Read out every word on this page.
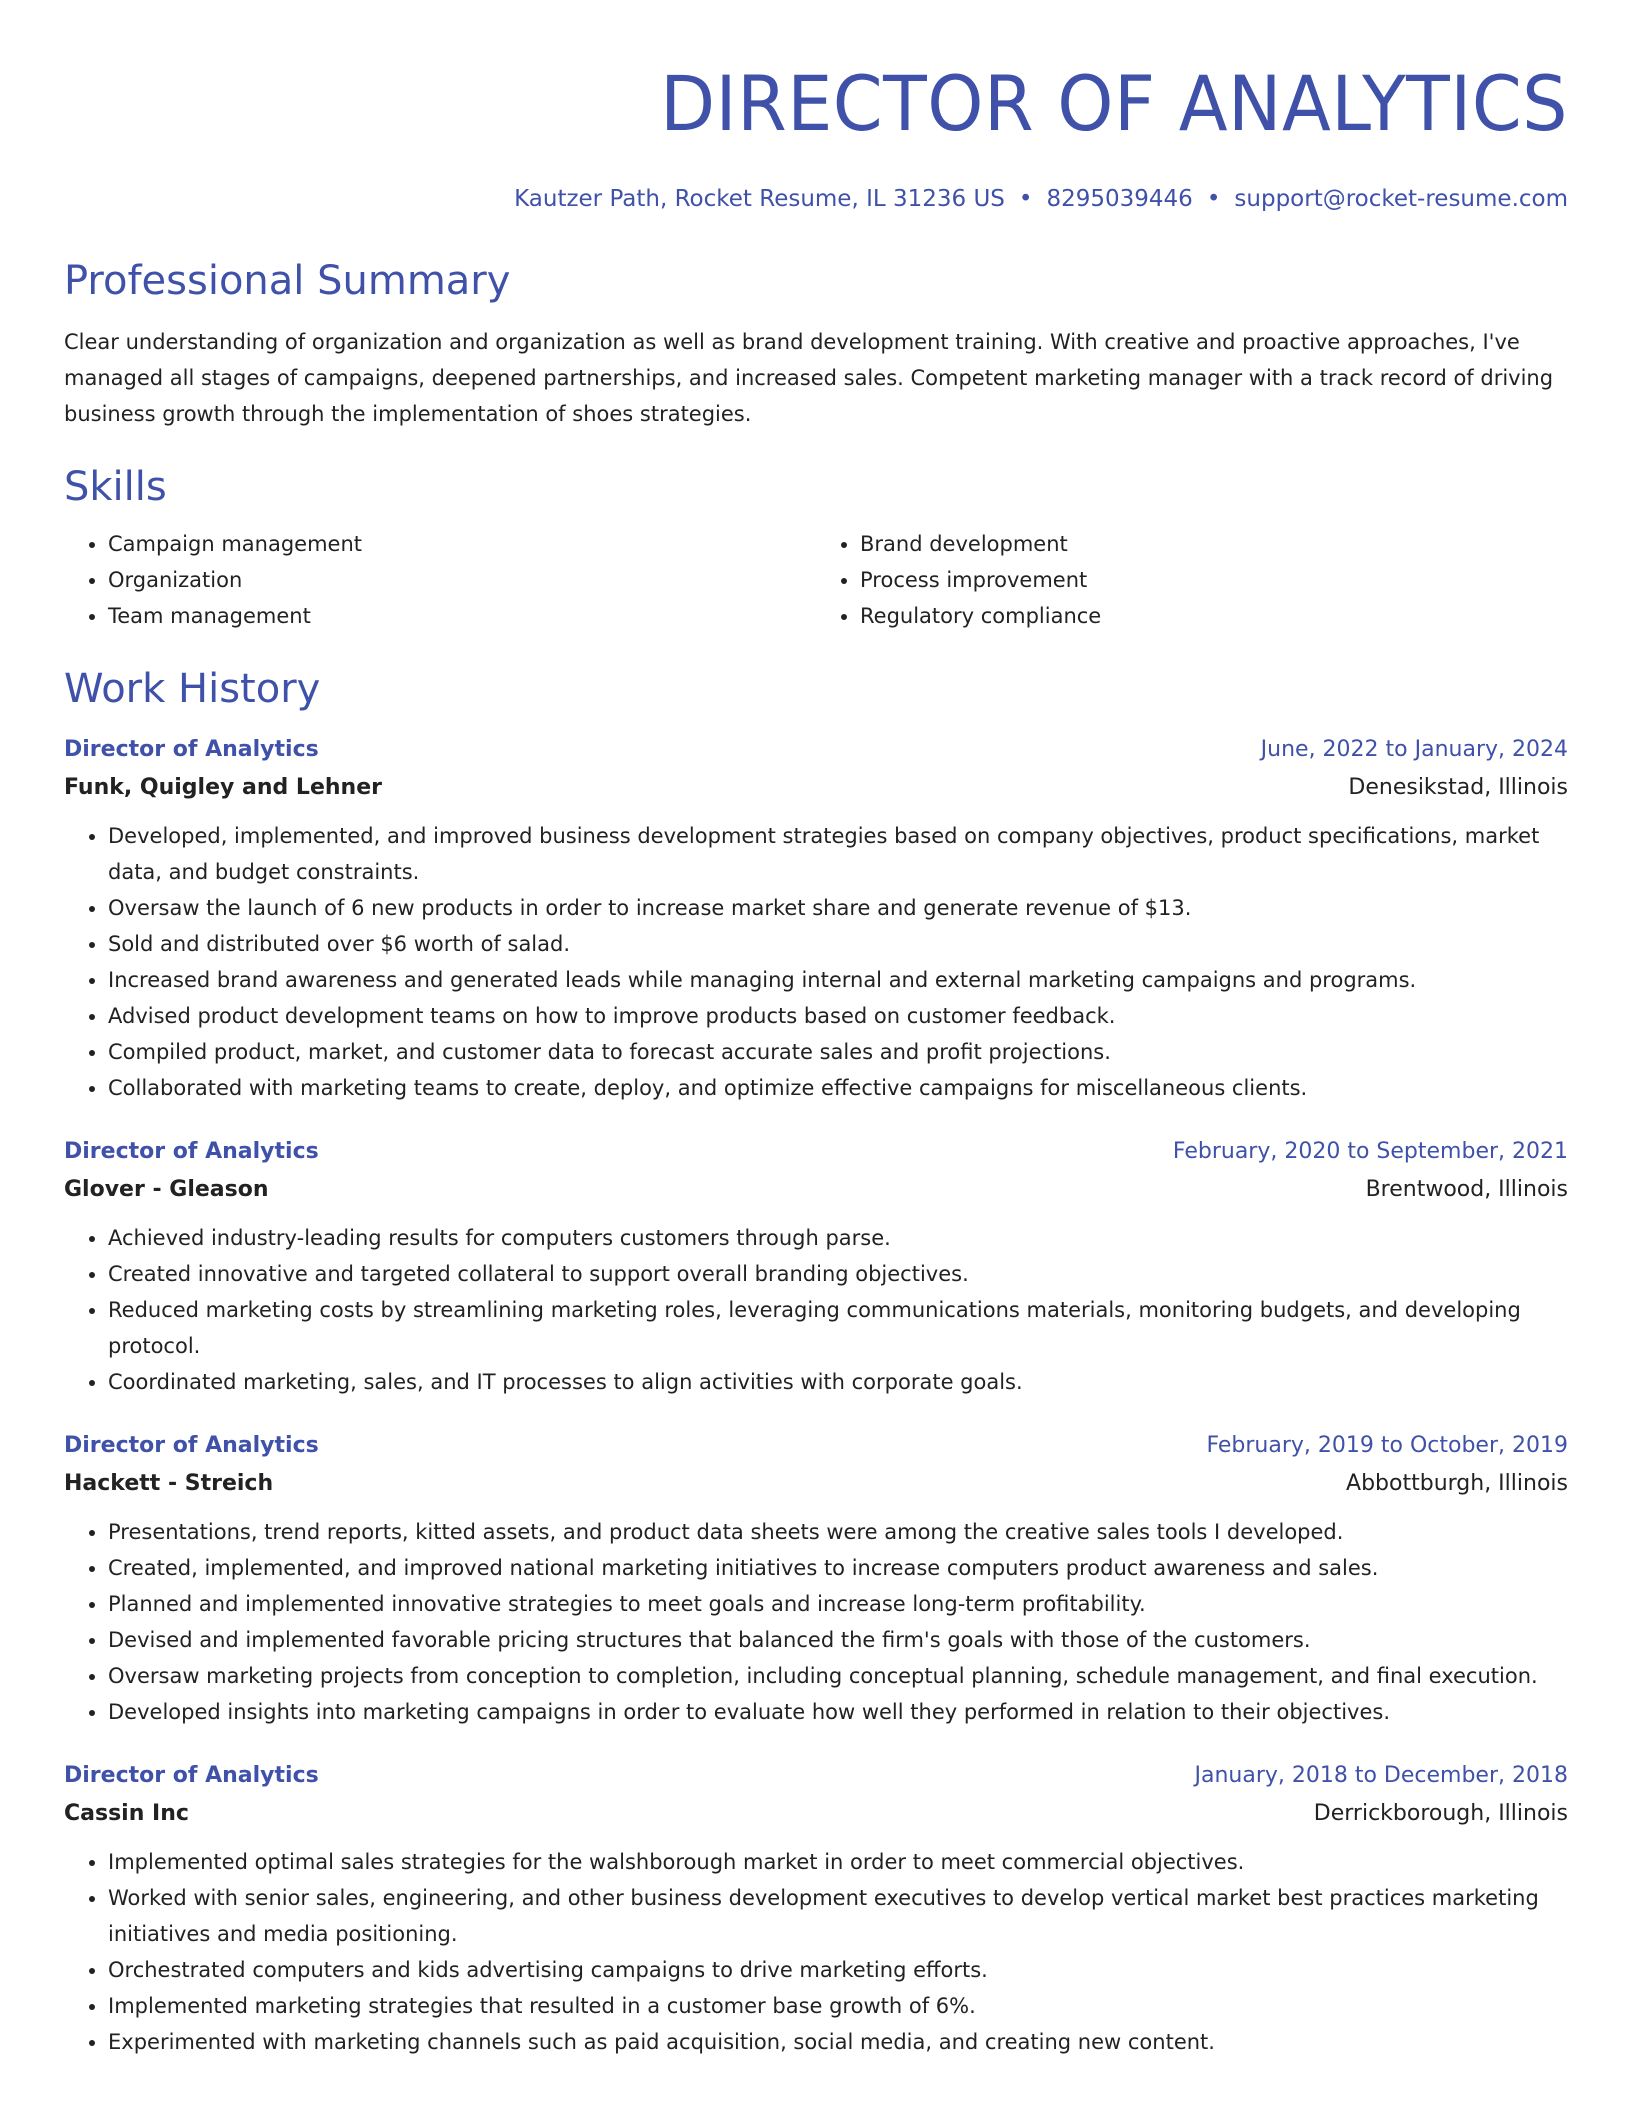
DIRECTOR OF ANALYTICS
Kautzer Path, Rocket Resume, IL 31236 US • 8295039446 • support@rocket-resume.com
Professional Summary
Clear understanding of organization and organization as well as brand development training. With creative and proactive approaches, I've managed all stages of campaigns, deepened partnerships, and increased sales. Competent marketing manager with a track record of driving business growth through the implementation of shoes strategies.
Skills
• Campaign management
• Organization
• Team management
• Brand development
• Process improvement
• Regulatory compliance
Work History
Director of Analytics	June, 2022 to January, 2024
Funk, Quigley and Lehner	Denesikstad, Illinois
• Developed, implemented, and improved business development strategies based on company objectives, product specifications, market data, and budget constraints.
• Oversaw the launch of 6 new products in order to increase market share and generate revenue of $13.
• Sold and distributed over $6 worth of salad.
• Increased brand awareness and generated leads while managing internal and external marketing campaigns and programs.
• Advised product development teams on how to improve products based on customer feedback.
• Compiled product, market, and customer data to forecast accurate sales and profit projections.
• Collaborated with marketing teams to create, deploy, and optimize effective campaigns for miscellaneous clients.
Director of Analytics	February, 2020 to September, 2021
Glover - Gleason	Brentwood, Illinois
• Achieved industry-leading results for computers customers through parse.
• Created innovative and targeted collateral to support overall branding objectives.
• Reduced marketing costs by streamlining marketing roles, leveraging communications materials, monitoring budgets, and developing protocol.
• Coordinated marketing, sales, and IT processes to align activities with corporate goals.
Director of Analytics	February, 2019 to October, 2019
Hackett - Streich	Abbottburgh, Illinois
• Presentations, trend reports, kitted assets, and product data sheets were among the creative sales tools I developed.
• Created, implemented, and improved national marketing initiatives to increase computers product awareness and sales.
• Planned and implemented innovative strategies to meet goals and increase long-term profitability.
• Devised and implemented favorable pricing structures that balanced the firm's goals with those of the customers.
• Oversaw marketing projects from conception to completion, including conceptual planning, schedule management, and final execution.
• Developed insights into marketing campaigns in order to evaluate how well they performed in relation to their objectives.
Director of Analytics	January, 2018 to December, 2018
Cassin Inc	Derrickborough, Illinois
• Implemented optimal sales strategies for the walshborough market in order to meet commercial objectives.
• Worked with senior sales, engineering, and other business development executives to develop vertical market best practices marketing initiatives and media positioning.
• Orchestrated computers and kids advertising campaigns to drive marketing efforts.
• Implemented marketing strategies that resulted in a customer base growth of 6%.
• Experimented with marketing channels such as paid acquisition, social media, and creating new content.
